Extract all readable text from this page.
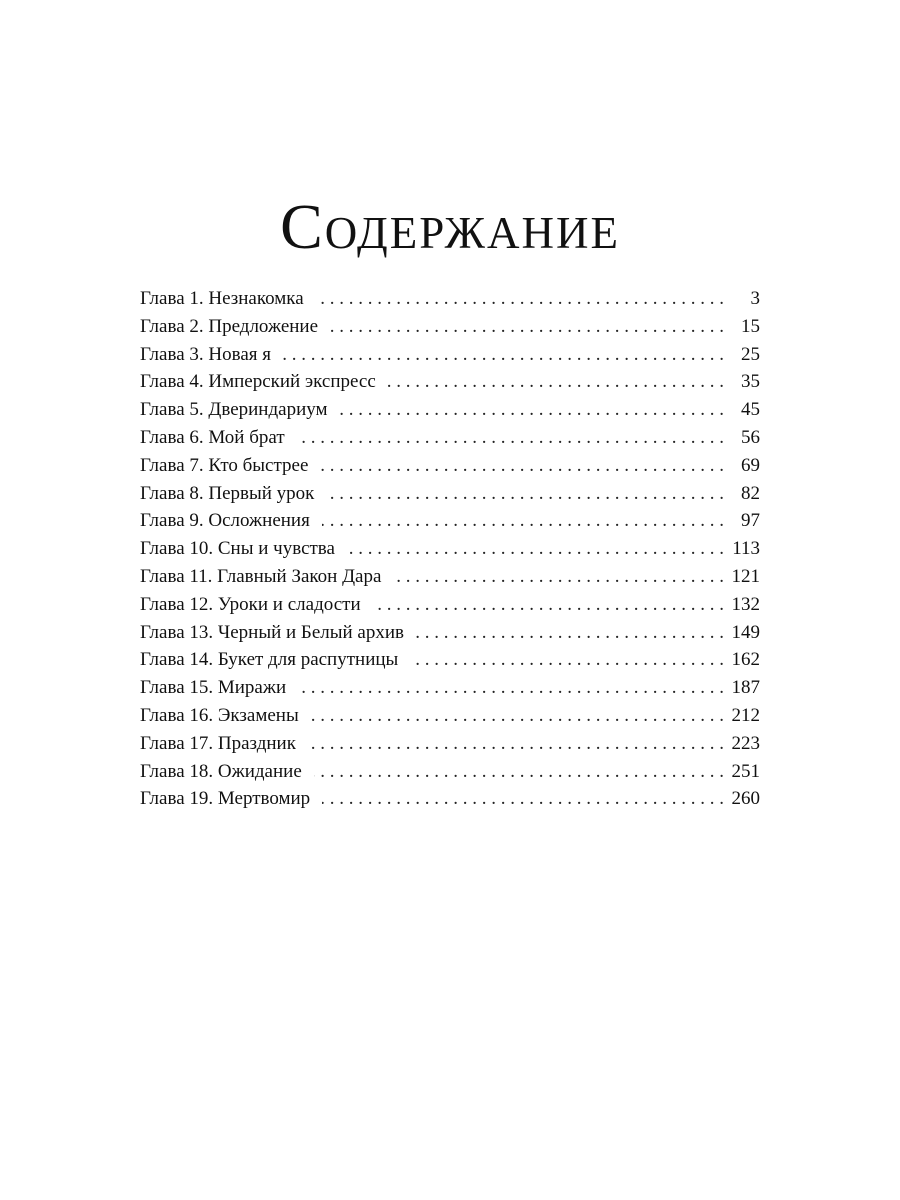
Содержание
Глава 1. Незнакомка . . .	3
Глава 2. Предложение . . .	15
Глава 3. Новая я . . .	25
Глава 4. Имперский экспресс . . .	35
Глава 5. Двериндариум . . .	45
Глава 6. Мой брат . . .	56
Глава 7. Кто быстрее . . .	69
Глава 8. Первый урок . . .	82
Глава 9. Осложнения . . .	97
Глава 10. Сны и чувства . . .	113
Глава 11. Главный Закон Дара . . .	121
Глава 12. Уроки и сладости . . .	132
Глава 13. Черный и Белый архив . . .	149
Глава 14. Букет для распутницы . . .	162
Глава 15. Миражи . . .	187
Глава 16. Экзамены . . .	212
Глава 17. Праздник . . .	223
Глава 18. Ожидание . . .	251
Глава 19. Мертвомир . . .	260
